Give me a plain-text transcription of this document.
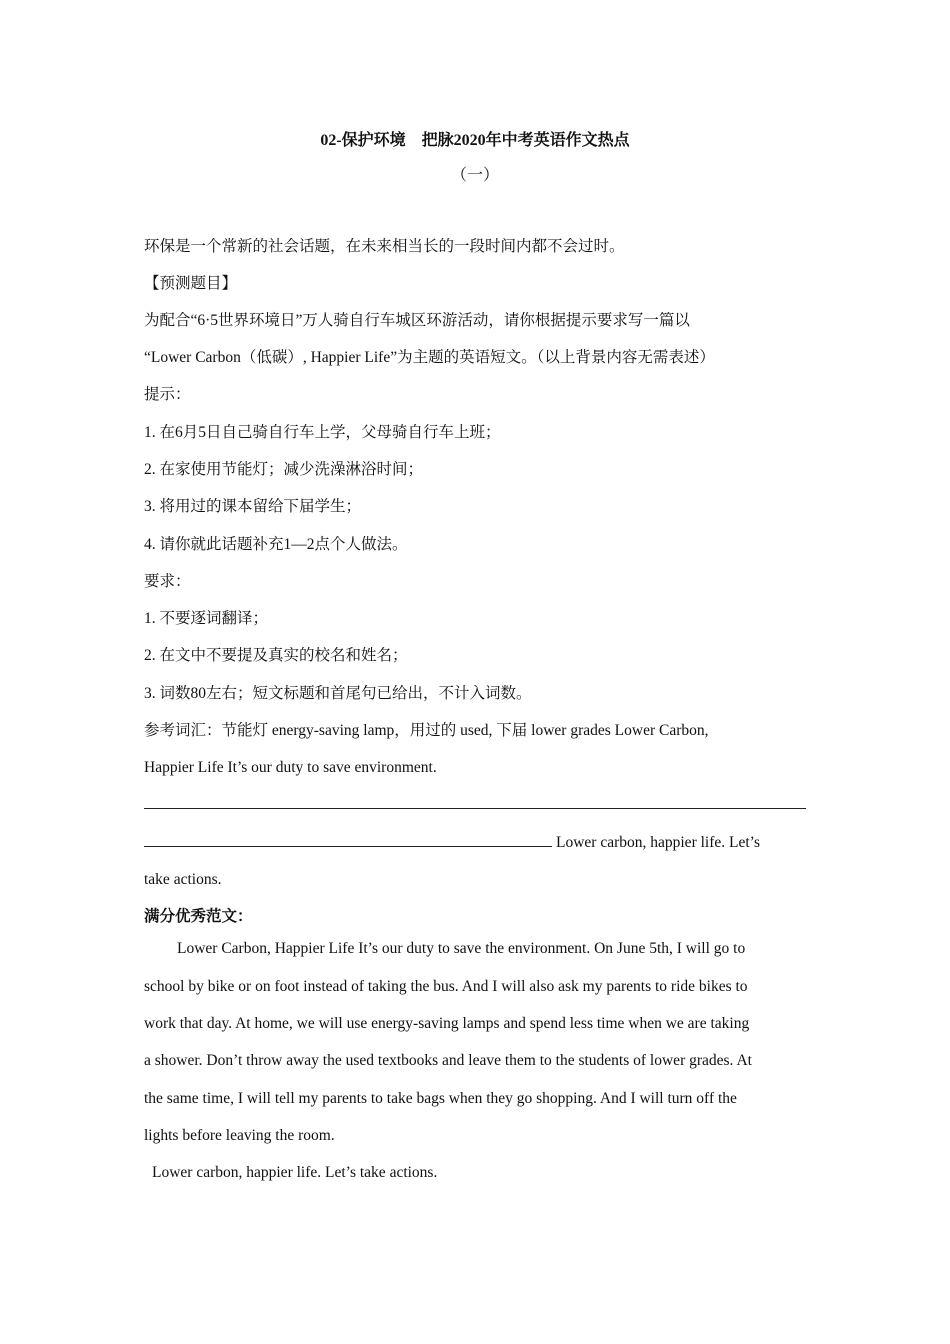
02-保护环境　把脉2020年中考英语作文热点
（一）
环保是一个常新的社会话题，在未来相当长的一段时间内都不会过时。
【预测题目】
为配合“6·5世界环境日”万人骑自行车城区环游活动，请你根据提示要求写一篇以
“Lower Carbon（低碳）, Happier Life”为主题的英语短文。（以上背景内容无需表述）
提示：
1. 在6月5日自己骑自行车上学，父母骑自行车上班；
2. 在家使用节能灯；减少洗澡淋浴时间；
3. 将用过的课本留给下届学生；
4. 请你就此话题补充1—2点个人做法。
要求：
1. 不要逐词翻译；
2. 在文中不要提及真实的校名和姓名；
3. 词数80左右；短文标题和首尾句已给出，不计入词数。
参考词汇：节能灯 energy-saving lamp，用过的 used, 下届 lower grades Lower Carbon,
Happier Life It’s our duty to save environment.
Lower carbon, happier life. Let’s
take actions.
满分优秀范文：
Lower Carbon, Happier Life It’s our duty to save the environment. On June 5th, I will go to
school by bike or on foot instead of taking the bus. And I will also ask my parents to ride bikes to
work that day. At home, we will use energy-saving lamps and spend less time when we are taking
a shower. Don’t throw away the used textbooks and leave them to the students of lower grades. At
the same time, I will tell my parents to take bags when they go shopping. And I will turn off the
lights before leaving the room.
Lower carbon, happier life. Let’s take actions.
